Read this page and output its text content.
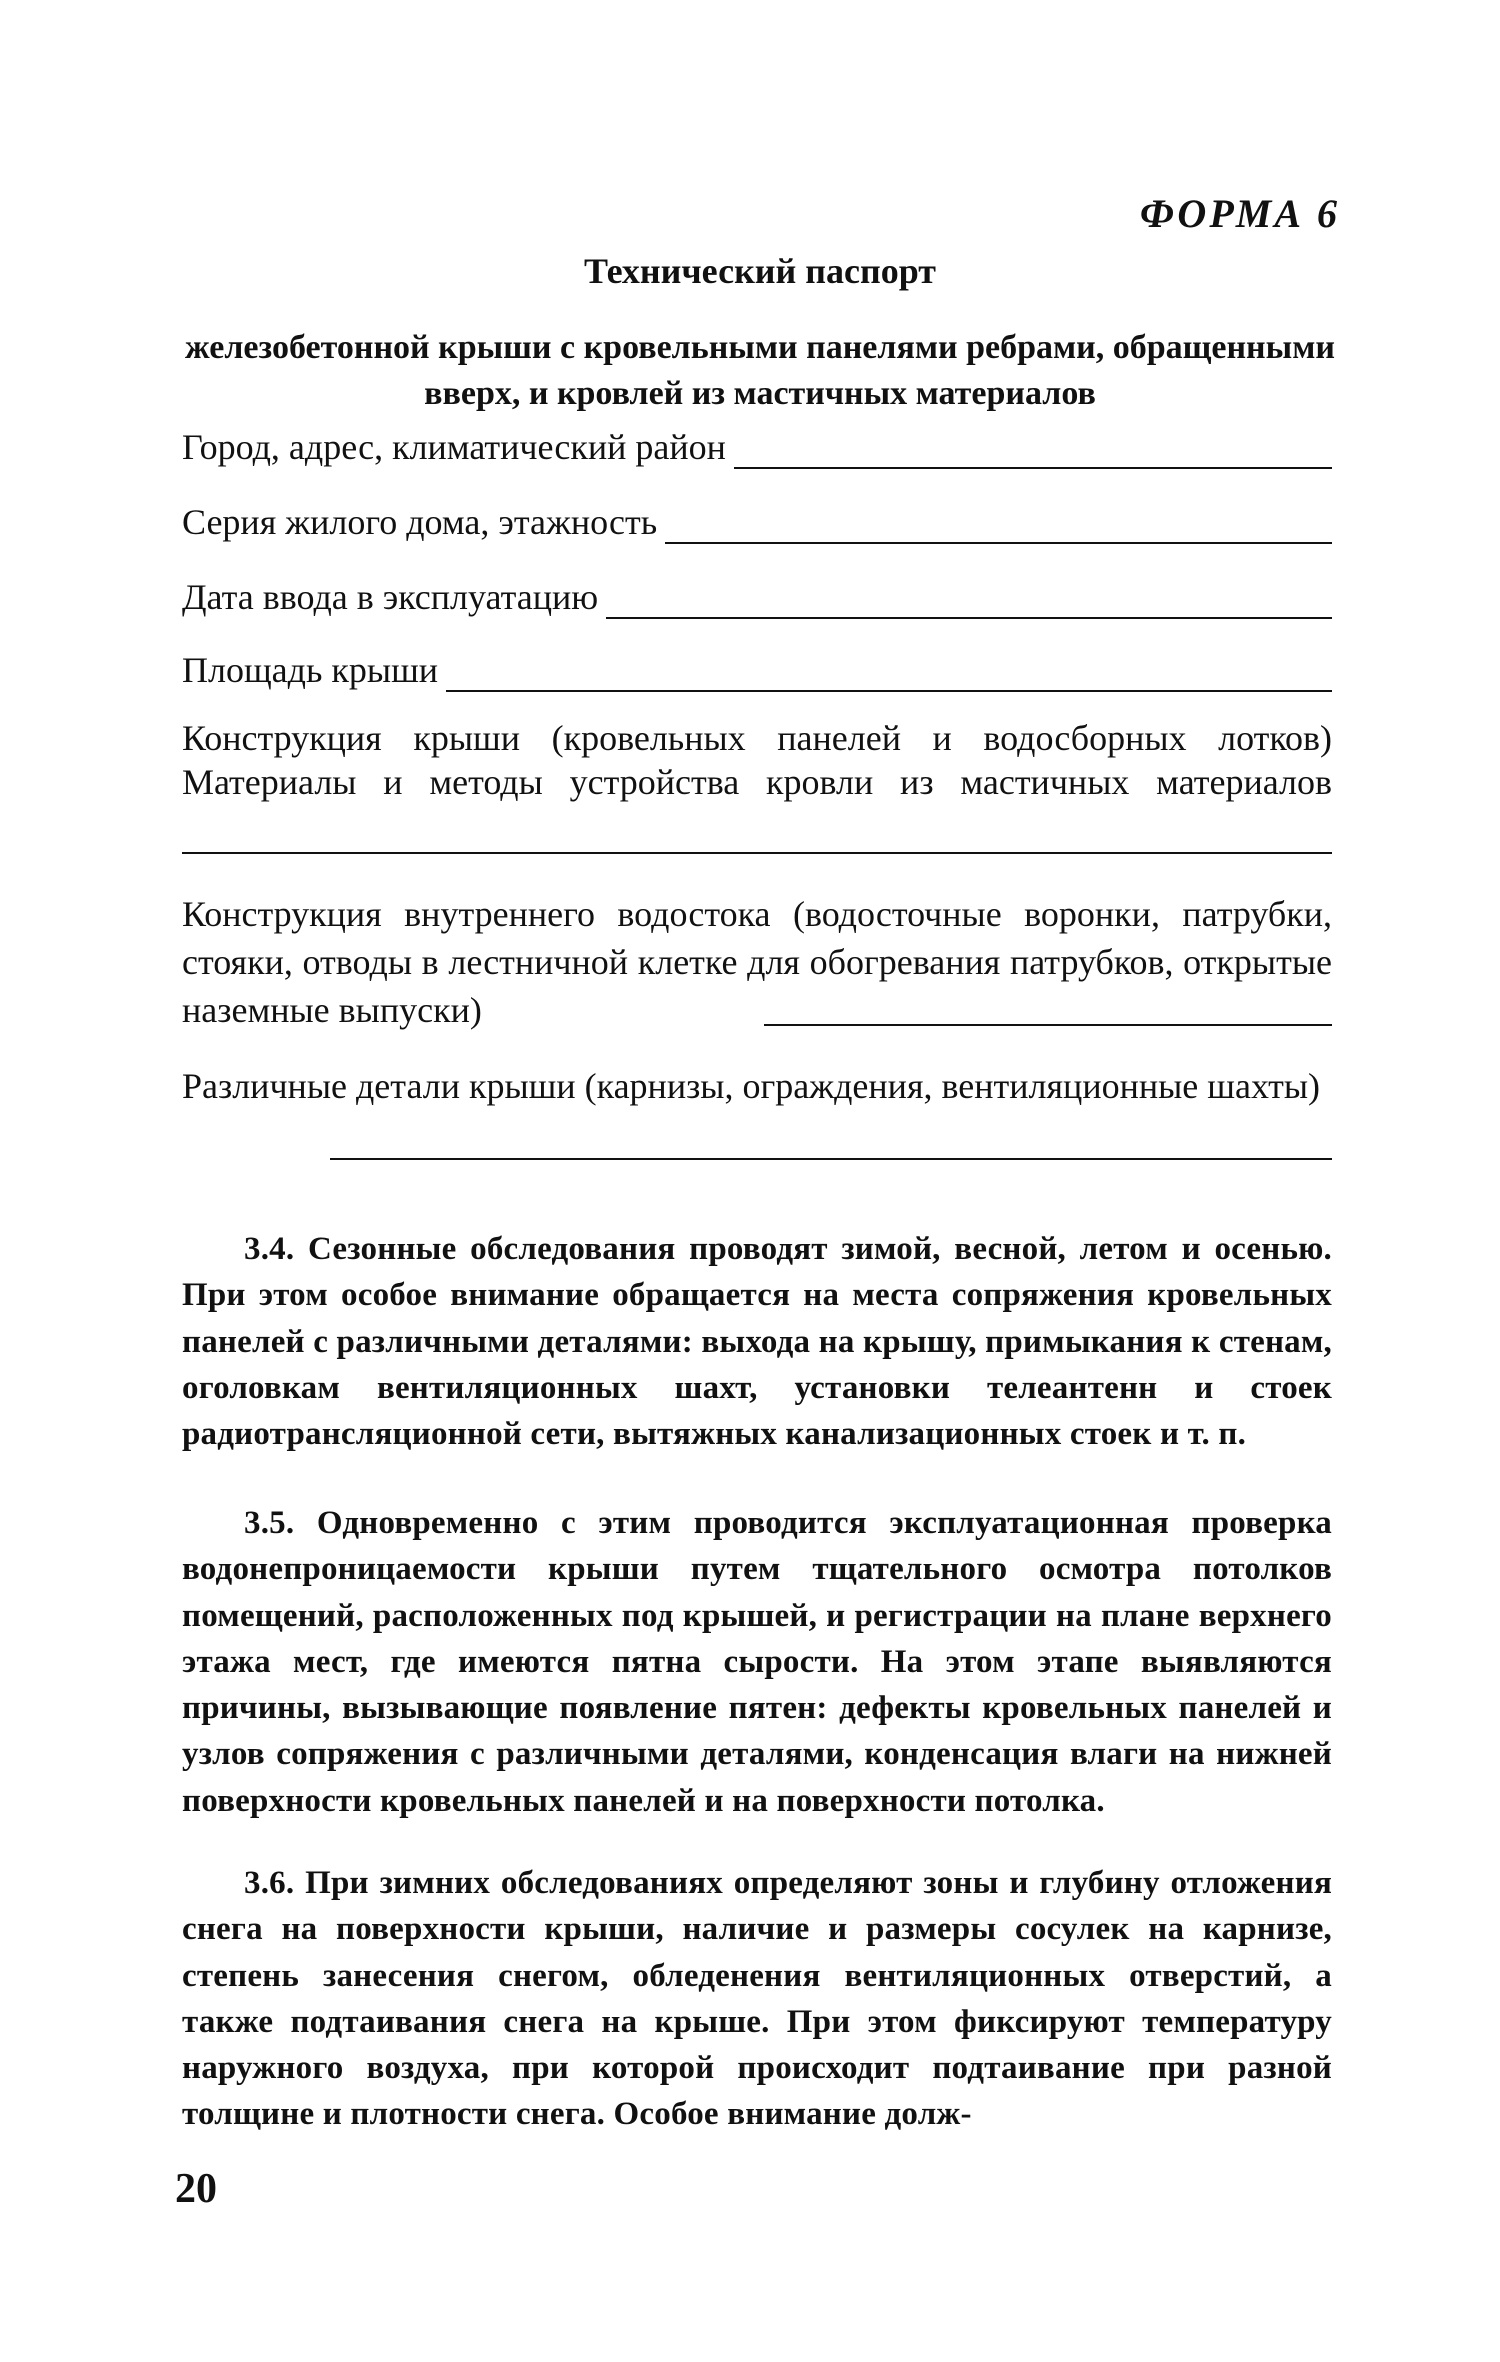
ФОРМА 6
Технический паспорт
железобетонной крыши с кровельными панелями ребрами, обращенными вверх, и кровлей из мастичных материалов
Город, адрес, климатический район
Серия жилого дома, этажность
Дата ввода в эксплуатацию
Площадь крыши
Конструкция крыши (кровельных панелей и водосборных лотков)
Материалы и методы устройства кровли из мастичных материалов
Конструкция внутреннего водостока (водосточные воронки, патрубки, стояки, отводы в лестничной клетке для обогревания патрубков, открытые наземные выпуски)
Различные детали крыши (карнизы, ограждения, вентиляционные шахты)
3.4. Сезонные обследования проводят зимой, весной, летом и осенью. При этом особое внимание обращается на места сопряжения кровельных панелей с различными деталями: выхода на крышу, примыкания к стенам, оголовкам вентиляционных шахт, установки телеантенн и стоек радиотрансляционной сети, вытяжных канализационных стоек и т. п.
3.5. Одновременно с этим проводится эксплуатационная проверка водонепроницаемости крыши путем тщательного осмотра потолков помещений, расположенных под крышей, и регистрации на плане верхнего этажа мест, где имеются пятна сырости. На этом этапе выявляются причины, вызывающие появление пятен: дефекты кровельных панелей и узлов сопряжения с различными деталями, конденсация влаги на нижней поверхности кровельных панелей и на поверхности потолка.
3.6. При зимних обследованиях определяют зоны и глубину отложения снега на поверхности крыши, наличие и размеры сосулек на карнизе, степень занесения снегом, обледенения вентиляционных отверстий, а также подтаивания снега на крыше. При этом фиксируют температуру наружного воздуха, при которой происходит подтаивание при разной толщине и плотности снега. Особое внимание долж-
20
